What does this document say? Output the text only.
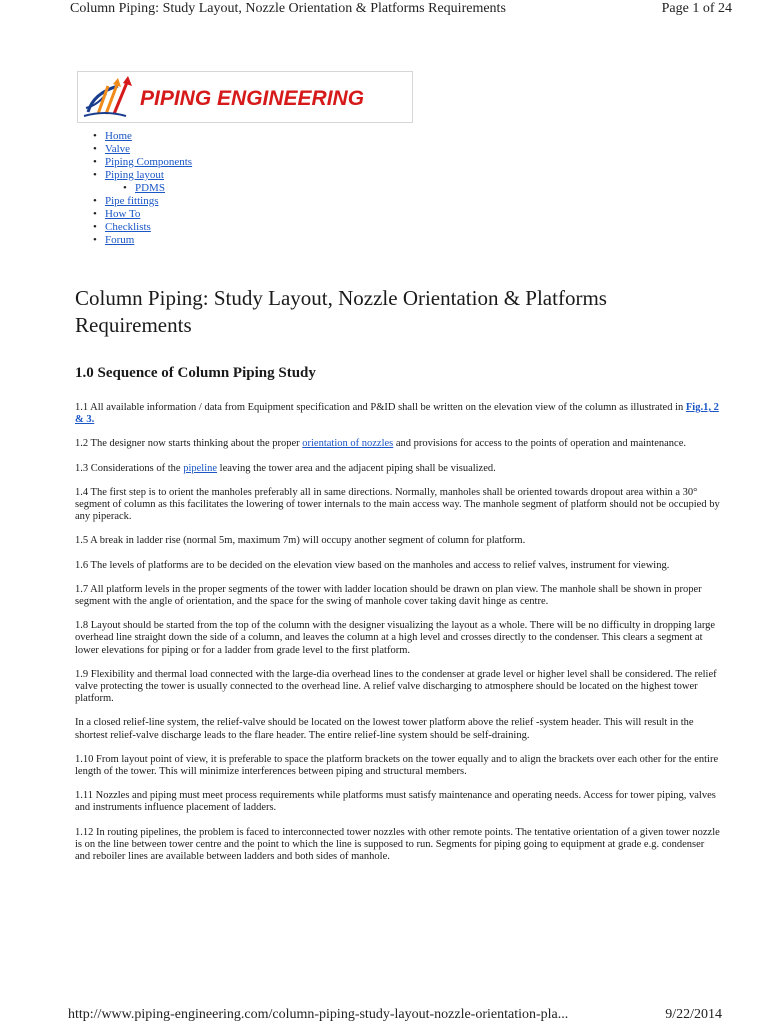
Column Piping: Study Layout, Nozzle Orientation & Platforms Requirements	Page 1 of 24
PIPING ENGINEERING
• Home
• Valve
• Piping Components
• Piping layout
• PDMS
• Pipe fittings
• How To
• Checklists
• Forum
Column Piping: Study Layout, Nozzle Orientation & Platforms Requirements
1.0 Sequence of Column Piping Study

1.1 All available information / data from Equipment specification and P&ID shall be written on the elevation view of the column as illustrated in Fig.1, 2 & 3.

1.2 The designer now starts thinking about the proper orientation of nozzles and provisions for access to the points of operation and maintenance.

1.3 Considerations of the pipeline leaving the tower area and the adjacent piping shall be visualized.

1.4 The first step is to orient the manholes preferably all in same directions. Normally, manholes shall be oriented towards dropout area within a 30° segment of column as this facilitates the lowering of tower internals to the main access way. The manhole segment of platform should not be occupied by any piperack.

1.5 A break in ladder rise (normal 5m, maximum 7m) will occupy another segment of column for platform.

1.6 The levels of platforms are to be decided on the elevation view based on the manholes and access to relief valves, instrument for viewing.

1.7 All platform levels in the proper segments of the tower with ladder location should be drawn on plan view. The manhole shall be shown in proper segment with the angle of orientation, and the space for the swing of manhole cover taking davit hinge as centre.

1.8 Layout should be started from the top of the column with the designer visualizing the layout as a whole. There will be no difficulty in dropping large overhead line straight down the side of a column, and leaves the column at a high level and crosses directly to the condenser. This clears a segment at lower elevations for piping or for a ladder from grade level to the first platform.

1.9 Flexibility and thermal load connected with the large-dia overhead lines to the condenser at grade level or higher level shall be considered. The relief valve protecting the tower is usually connected to the overhead line. A relief valve discharging to atmosphere should be located on the highest tower platform.

In a closed relief-line system, the relief-valve should be located on the lowest tower platform above the relief -system header. This will result in the shortest relief-valve discharge leads to the flare header. The entire relief-line system should be self-draining.

1.10 From layout point of view, it is preferable to space the platform brackets on the tower equally and to align the brackets over each other for the entire length of the tower. This will minimize interferences between piping and structural members.

1.11 Nozzles and piping must meet process requirements while platforms must satisfy maintenance and operating needs. Access for tower piping, valves and instruments influence placement of ladders.

1.12 In routing pipelines, the problem is faced to interconnected tower nozzles with other remote points. The tentative orientation of a given tower nozzle is on the line between tower centre and the point to which the line is supposed to run. Segments for piping going to equipment at grade e.g. condenser and reboiler lines are available between ladders and both sides of manhole.

http://www.piping-engineering.com/column-piping-study-layout-nozzle-orientation-pla...	9/22/2014
